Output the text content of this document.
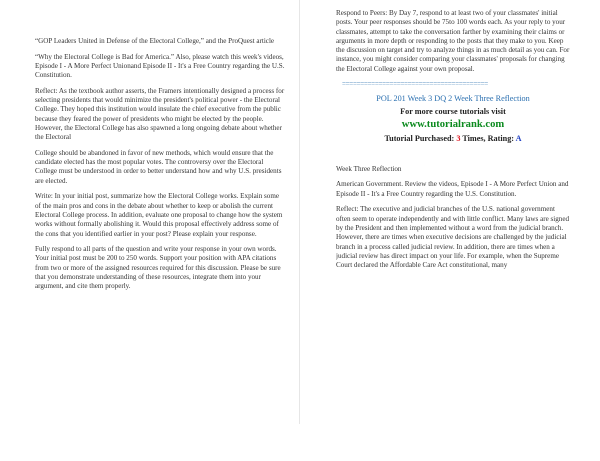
“GOP Leaders United in Defense of the Electoral College,” and the ProQuest article

“Why the Electoral College is Bad for America.” Also, please watch this week's videos, Episode I - A More Perfect Unionand Episode II - It's a Free Country regarding the U.S. Constitution.

Reflect: As the textbook author asserts, the Framers intentionally designed a process for selecting presidents that would minimize the president's political power - the Electoral College. They hoped this institution would insulate the chief executive from the public because they feared the power of presidents who might be elected by the people. However, the Electoral College has also spawned a long ongoing debate about whether the Electoral

College should be abandoned in favor of new methods, which would ensure that the candidate elected has the most popular votes. The controversy over the Electoral College must be understood in order to better understand how and why U.S. presidents are elected.

Write: In your initial post, summarize how the Electoral College works. Explain some of the main pros and cons in the debate about whether to keep or abolish the current Electoral College process. In addition, evaluate one proposal to change how the system works without formally abolishing it. Would this proposal effectively address some of the cons that you identified earlier in your post? Please explain your response.

Fully respond to all parts of the question and write your response in your own words. Your initial post must be 200 to 250 words. Support your position with APA citations from two or more of the assigned resources required for this discussion. Please be sure that you demonstrate understanding of these resources, integrate them into your argument, and cite them properly.

Respond to Peers: By Day 7, respond to at least two of your classmates' initial posts. Your peer responses should be 75to 100 words each. As your reply to your classmates, attempt to take the conversation farther by examining their claims or arguments in more depth or responding to the posts that they make to you. Keep the discussion on target and try to analyze things in as much detail as you can. For instance, you might consider comparing your classmates' proposals for changing the Electoral College against your own proposal.

========================================
POL 201 Week 3 DQ 2 Week Three Reflection
For more course tutorials visit
www.tutorialrank.com
Tutorial Purchased: 3 Times, Rating: A

Week Three Reflection

American Government. Review the videos, Episode I - A More Perfect Union and Episode II - It's a Free Country regarding the U.S. Constitution.

Reflect: The executive and judicial branches of the U.S. national government often seem to operate independently and with little conflict. Many laws are signed by the President and then implemented without a word from the judicial branch. However, there are times when executive decisions are challenged by the judicial branch in a process called judicial review. In addition, there are times when a judicial review has direct impact on your life. For example, when the Supreme Court declared the Affordable Care Act constitutional, many
